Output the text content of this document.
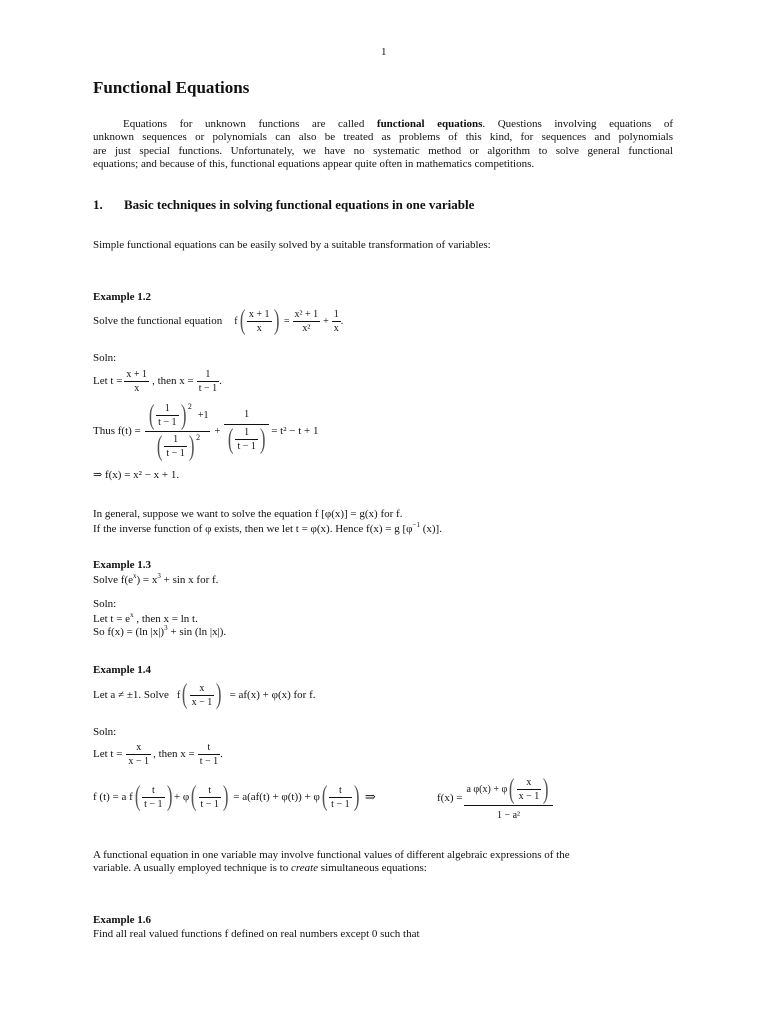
1
Functional Equations
Equations for unknown functions are called functional equations. Questions involving equations of
unknown sequences or polynomials can also be treated as problems of this kind, for sequences and polynomials
are just special functions. Unfortunately, we have no systematic method or algorithm to solve general functional
equations; and because of this, functional equations appear quite often in mathematics competitions.
1. Basic techniques in solving functional equations in one variable
Simple functional equations can be easily solved by a suitable transformation of variables:
Example 1.2
Solve the functional equation f ( $\frac{x + 1}{x}$ ) = $\frac{\text{x² + 1}}{\text{x²}} + \frac{1}{x}$ .
Soln:
Let $t = \frac{x + 1}{x}$ , then $x = \frac{1}{t - 1}$ .
Thus f(t) = ( $\frac{1}{t - 1} )^2$
+1
( $\frac{1}{t - 1} )^2 + \frac{1}{( \frac{1}{t - 1} )} = t^2 - t + 1$
⇒ f(x) = x² − x + 1.
In general, suppose we want to solve the equation f [φ(x)] = g(x) for f.
If the inverse function of φ exists, then we let t = φ(x). Hence f(x) = g [$\varphi^{-1}$ (x)].
Example 1.3
Solve $f(e^x) = x^3 + \sin x$ for f.
Soln:
Let $t = e^x$ , then x = ln t.
So f(x) = (ln |x|)$^3$ + sin (ln |x|).
Example 1.4
Let a ≠ ±1. Solve f ( $\frac{x}{x - 1}$ ) = af(x) + φ(x) for f.
Soln:
Let $t = \frac{x}{x - 1}$ , then $x = \frac{t}{t - 1}$ .
f (t) = a f ( $\frac{t}{t - 1}$ ) + φ ( $\frac{t}{t - 1}$ ) = a(af(t) + φ(t)) + φ ( $\frac{t}{t - 1}$ ) ⇒	$f(x) = \frac{a \varphi(x) + \varphi ( \frac{x}{x - 1} )}{\text{1 − a²}}$
A functional equation in one variable may involve functional values of different algebraic expressions of the
variable. A usually employed technique is to create simultaneous equations:
Example 1.6
Find all real valued functions f defined on real numbers except 0 such that
